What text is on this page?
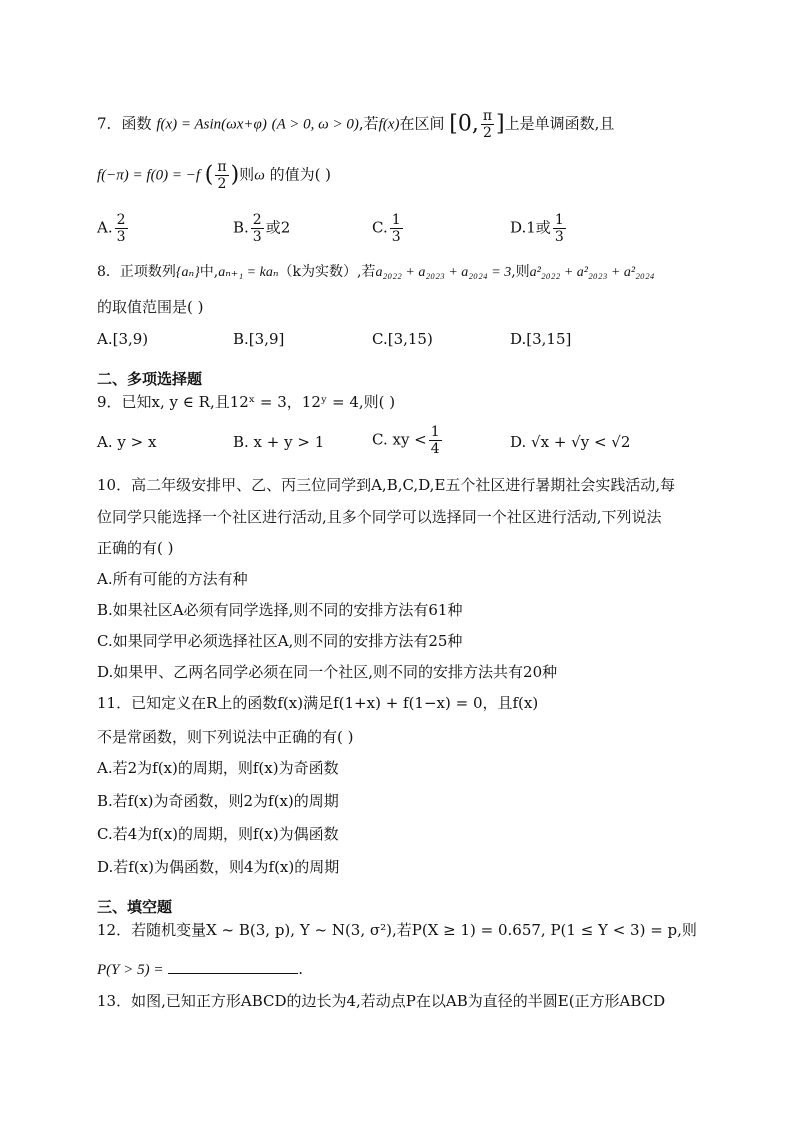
7．函数 f(x) = Asin(ωx+φ) (A > 0, ω > 0),若f(x)在区间 [0, $\frac{\pi}{2}$ ]上是单调函数,且
f(−π) = f(0) = −f ( $\frac{\pi}{2}$ )则ω 的值为( )
A. $\frac{2}{3}$	B. $\frac{2}{3}$ 或2	C. $\frac{1}{3}$	D.1或 $\frac{1}{3}$
8．正项数列{aₙ}中,aₙ₊₁ = kaₙ（k为实数）,若a₂₀₂₂ + a₂₀₂₃ + a₂₀₂₄ = 3,则a²₂₀₂₂ + a²₂₀₂₃ + a²₂₀₂₄
的取值范围是( )
A.[3,9)	B.[3,9]	C.[3,15)	D.[3,15]
二、多项选择题
9．已知x, y ∈ R,且12ˣ = 3，12ʸ = 4,则( )
A. y > x	B. x + y > 1	C. xy < $\frac{1}{4}$	D. √x + √y < √2
10．高二年级安排甲、乙、丙三位同学到A,B,C,D,E五个社区进行暑期社会实践活动,每
位同学只能选择一个社区进行活动,且多个同学可以选择同一个社区进行活动,下列说法
正确的有( )
A.所有可能的方法有种
B.如果社区A必须有同学选择,则不同的安排方法有61种
C.如果同学甲必须选择社区A,则不同的安排方法有25种
D.如果甲、乙两名同学必须在同一个社区,则不同的安排方法共有20种
11．已知定义在R上的函数f(x)满足f(1+x) + f(1−x) = 0，且f(x)
不是常函数，则下列说法中正确的有( )
A.若2为f(x)的周期，则f(x)为奇函数
B.若f(x)为奇函数，则2为f(x)的周期
C.若4为f(x)的周期，则f(x)为偶函数
D.若f(x)为偶函数，则4为f(x)的周期
三、填空题
12．若随机变量X ~ B(3, p), Y ~ N(3, σ²),若P(X ≥ 1) = 0.657, P(1 ≤ Y < 3) = p,则
P(Y > 5) =	.
13．如图,已知正方形ABCD的边长为4,若动点P在以AB为直径的半圆E(正方形ABCD
